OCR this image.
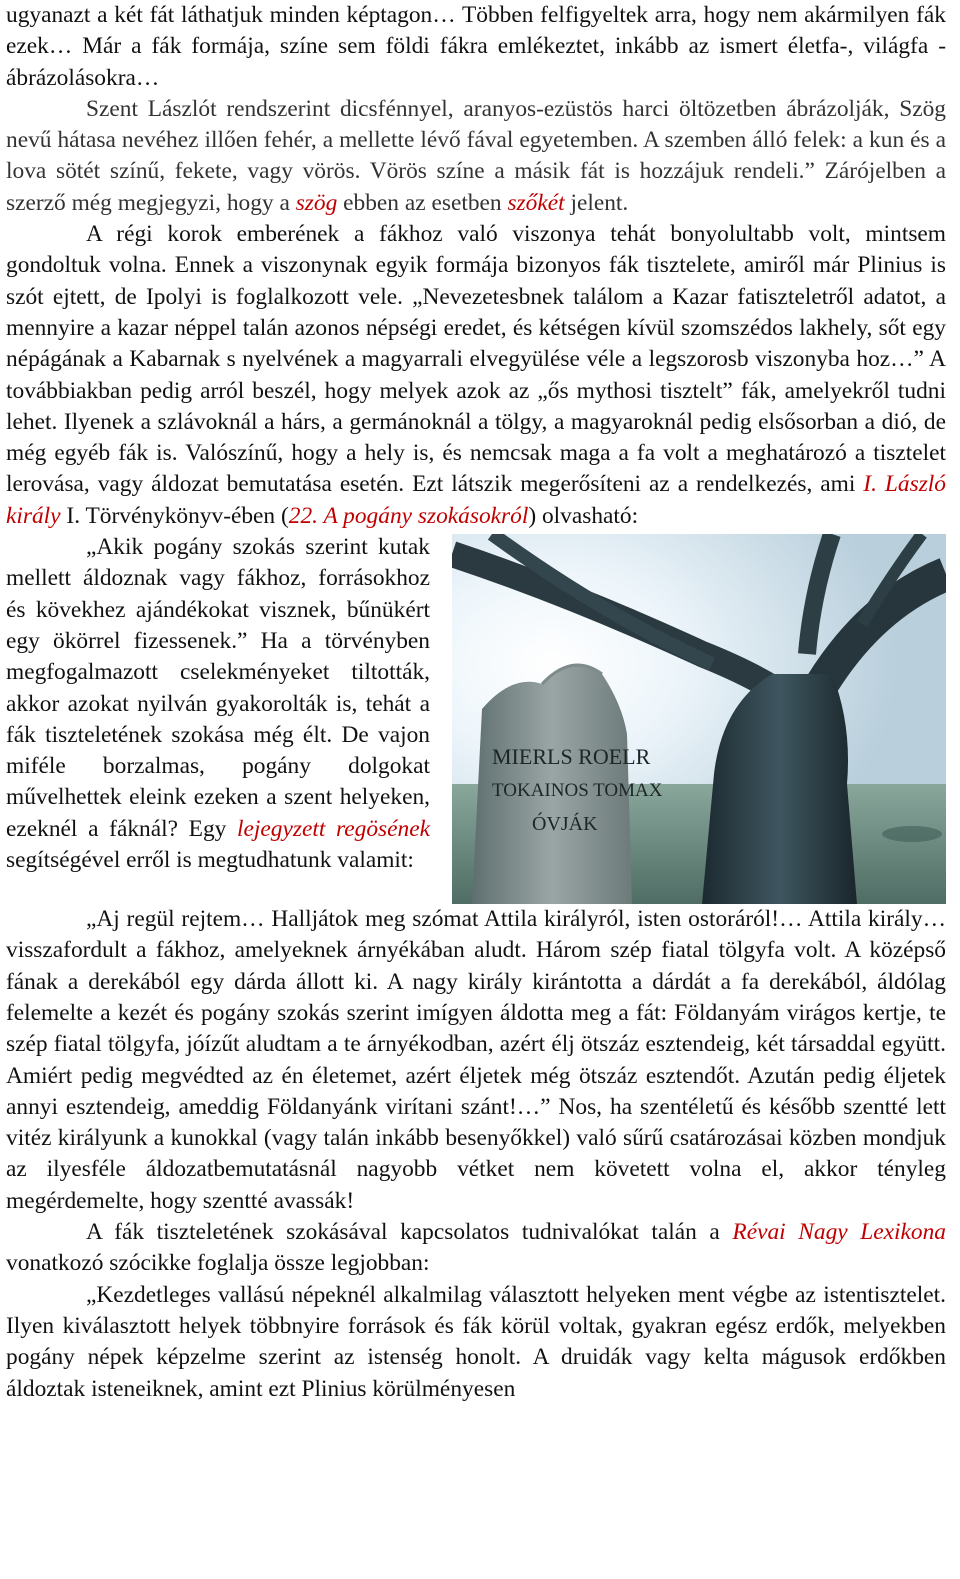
ugyanazt a két fát láthatjuk minden képtagon… Többen felfigyeltek arra, hogy nem akármilyen fák ezek… Már a fák formája, színe sem földi fákra emlékeztet, inkább az ismert életfa-, világfa - ábrázolásokra…

Szent Lászlót rendszerint dicsfénnyel, aranyos-ezüstös harci öltözetben ábrázolják, Szög nevű hátasa nevéhez illően fehér, a mellette lévő fával egyetemben. A szemben álló felek: a kun és a lova sötét színű, fekete, vagy vörös. Vörös színe a másik fát is hozzájuk rendeli.” Zárójelben a szerző még megjegyzi, hogy a szög ebben az esetben szőkét jelent.

A régi korok emberének a fákhoz való viszonya tehát bonyolultabb volt, mintsem gondoltuk volna. Ennek a viszonynak egyik formája bizonyos fák tisztelete, amiről már Plinius is szót ejtett, de Ipolyi is foglalkozott vele. „Nevezetesbnek találom a Kazar fatiszteletről adatot, a mennyire a kazar néppel talán azonos népségi eredet, és kétségen kívül szomszédos lakhely, sőt egy népágának a Kabarnak s nyelvének a magyarrali elvegyülése véle a legszorosb viszonyba hoz…” A továbbiakban pedig arról beszél, hogy melyek azok az „ős mythosi tisztelt” fák, amelyekről tudni lehet. Ilyenek a szlávoknál a hárs, a germánoknál a tölgy, a magyaroknál pedig elsősorban a dió, de még egyéb fák is. Valószínű, hogy a hely is, és nemcsak maga a fa volt a meghatározó a tisztelet lerovása, vagy áldozat bemutatása esetén. Ezt látszik megerősíteni az a rendelkezés, ami I. László király I. Törvénykönyv-ében (22. A pogány szokásokról) olvasható:

MIERLS ROELR
TOKAINOS TOMAX
ÓVJÁK

„Akik pogány szokás szerint kutak mellett áldoznak vagy fákhoz, forrásokhoz és kövekhez ajándékokat visznek, bűnükért egy ökörrel fizessenek.” Ha a törvényben megfogalmazott cselekményeket tiltották, akkor azokat nyilván gyakorolták is, tehát a fák tiszteletének szokása még élt. De vajon miféle borzalmas, pogány dolgokat művelhettek eleink ezeken a szent helyeken, ezeknél a fáknál? Egy lejegyzett regösének segítségével erről is megtudhatunk valamit:

„Aj regül rejtem… Halljátok meg szómat Attila királyról, isten ostoráról!… Attila király…visszafordult a fákhoz, amelyeknek árnyékában aludt. Három szép fiatal tölgyfa volt. A középső fának a derekából egy dárda állott ki. A nagy király kirántotta a dárdát a fa derekából, áldólag felemelte a kezét és pogány szokás szerint imígyen áldotta meg a fát: Földanyám virágos kertje, te szép fiatal tölgyfa, jóízűt aludtam a te árnyékodban, azért élj ötszáz esztendeig, két társaddal együtt. Amiért pedig megvédted az én életemet, azért éljetek még ötszáz esztendőt. Azután pedig éljetek annyi esztendeig, ameddig Földanyánk virítani szánt!…” Nos, ha szentéletű és később szentté lett vitéz királyunk a kunokkal (vagy talán inkább besenyőkkel) való sűrű csatározásai közben mondjuk az ilyesféle áldozatbemutatásnál nagyobb vétket nem követett volna el, akkor tényleg megérdemelte, hogy szentté avassák!

A fák tiszteletének szokásával kapcsolatos tudnivalókat talán a Révai Nagy Lexikona vonatkozó szócikke foglalja össze legjobban:

„Kezdetleges vallású népeknél alkalmilag választott helyeken ment végbe az istentisztelet. Ilyen kiválasztott helyek többnyire források és fák körül voltak, gyakran egész erdők, melyekben pogány népek képzelme szerint az istenség honolt. A druidák vagy kelta mágusok erdőkben áldoztak isteneiknek, amint ezt Plinius körülményesen
